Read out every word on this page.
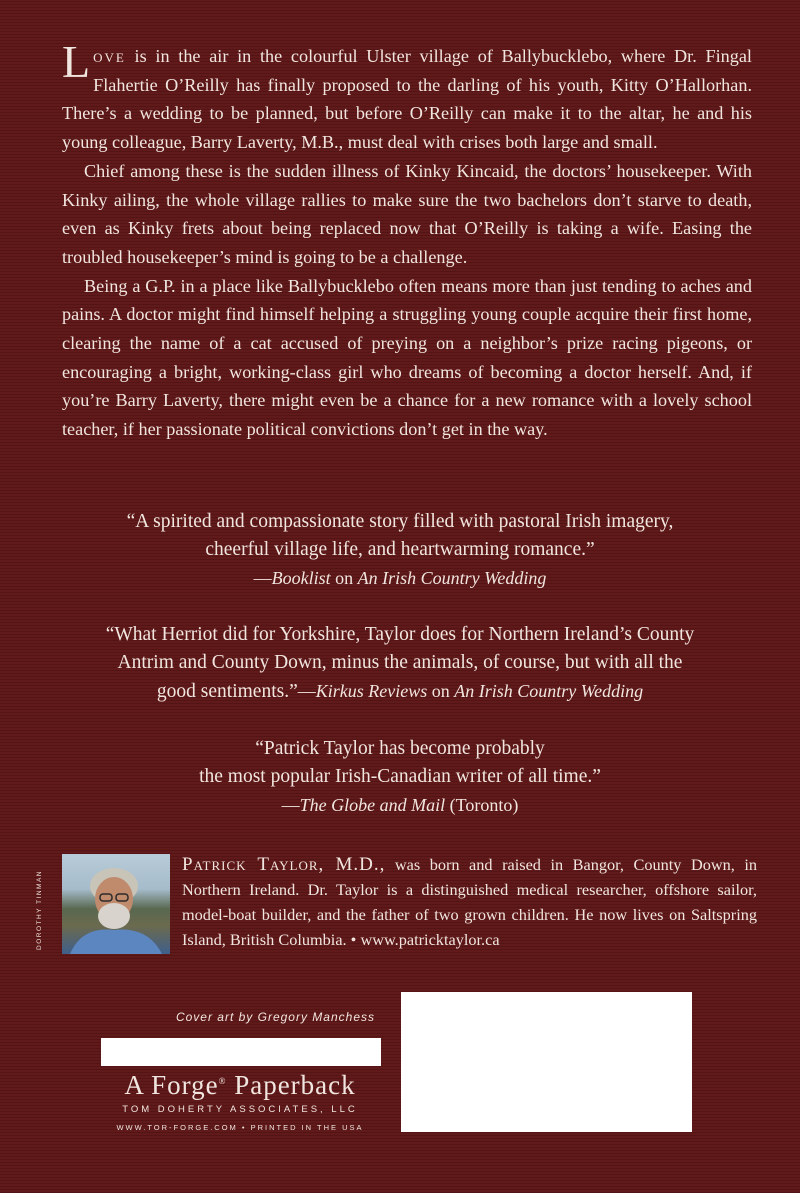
Love is in the air in the colourful Ulster village of Ballybucklebo, where Dr. Fingal Flahertie O’Reilly has finally proposed to the darling of his youth, Kitty O’Hallorhan. There’s a wedding to be planned, but before O’Reilly can make it to the altar, he and his young colleague, Barry Laverty, M.B., must deal with crises both large and small.

Chief among these is the sudden illness of Kinky Kincaid, the doctors’ housekeeper. With Kinky ailing, the whole village rallies to make sure the two bachelors don’t starve to death, even as Kinky frets about being replaced now that O’Reilly is taking a wife. Easing the troubled housekeeper’s mind is going to be a challenge.

Being a G.P. in a place like Ballybucklebo often means more than just tending to aches and pains. A doctor might find himself helping a struggling young couple acquire their first home, clearing the name of a cat accused of preying on a neighbor’s prize racing pigeons, or encouraging a bright, working-class girl who dreams of becoming a doctor herself. And, if you’re Barry Laverty, there might even be a chance for a new romance with a lovely school teacher, if her passionate political convictions don’t get in the way.

“A spirited and compassionate story filled with pastoral Irish imagery,
cheerful village life, and heartwarming romance.”
—Booklist on An Irish Country Wedding
“What Herriot did for Yorkshire, Taylor does for Northern Ireland’s County
Antrim and County Down, minus the animals, of course, but with all the
good sentiments.”—Kirkus Reviews on An Irish Country Wedding
“Patrick Taylor has become probably
the most popular Irish-Canadian writer of all time.”
—The Globe and Mail (Toronto)
DOROTHY TINMAN
Patrick Taylor, M.D., was born and raised in Bangor, County Down, in Northern Ireland. Dr. Taylor is a distinguished medical researcher, offshore sailor, model-boat builder, and the father of two grown children. He now lives on Saltspring Island, British Columbia. • www.patricktaylor.ca
Cover art by Gregory Manchess
A Forge® Paperback
TOM DOHERTY ASSOCIATES, LLC
WWW.TOR-FORGE.COM • PRINTED IN THE USA
